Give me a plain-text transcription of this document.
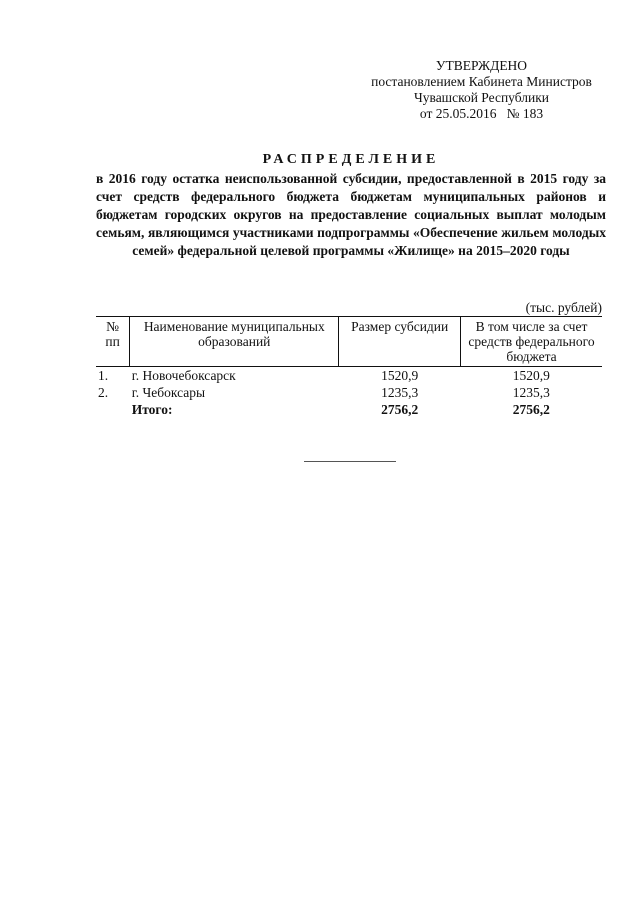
УТВЕРЖДЕНО
постановлением Кабинета Министров
Чувашской Республики
от 25.05.2016   № 183
РАСПРЕДЕЛЕНИЕ
в 2016 году остатка неиспользованной субсидии, предоставленной в 2015 году за счет средств федерального бюджета бюджетам муниципальных районов и бюджетам городских округов на предоставление социальных выплат молодым семьям, являющимся участниками подпрограммы «Обеспечение жильем молодых семей» федеральной целевой программы «Жилище» на 2015–2020 годы
(тыс. рублей)
№ пп	Наименование муниципальных образований	Размер субсидии	В том числе за счет средств федерального бюджета
1.	г. Новочебоксарск	1520,9	1520,9
2.	г. Чебоксары	1235,3	1235,3
	Итого:	2756,2	2756,2
